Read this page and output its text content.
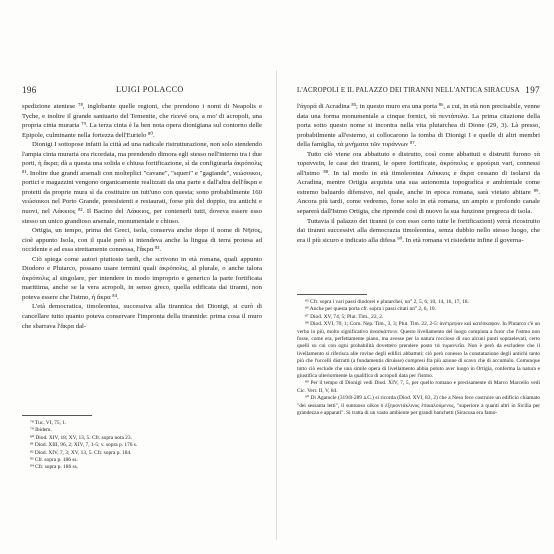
196	LUIGI POLACCO

spedizione ateniese ⁷⁸, inglobante quelle regioni, che prendono i nomi di Neapolis e Tyche, e inoltre il grande santuario del Temenite, che ricevé ora, a mo' di acropoli, una propria cinta muraria ⁷⁹. La terza cinta è la ben nota opera dionigiana sul contorno delle Epipole, culminante nella fortezza dell'Eurielo ⁸⁰.

Dionigi I sottopose infatti la città ad una radicale ristrutturazione, non solo stendendo l'ampia cinta muraria ora ricordata, ma prendendo dimora egli stesso nell'interno tra i due porti, ἡ ἄκρα; dà a questa una solida e chiusa fortificazione, sì da configurarla ἀκρόπολις ⁸¹. Inoltre due grandi arsenali con molteplici "cavane", "squeri" e "gagiande", νεώσοικοι, portici e magazzini vengono organicamente realizzati da una parte e dall'altra dell'ἄκρα e protetti da proprie mura sì da costituire un tutt'uno con questa; sono probabilmente 160 νεώσοικοι nel Porto Grande, preesistenti e restaurati, forse più del doppio, tra antichi e nuovi, nel Λάκκιος ⁸². Il Bacino del Λάκκιος, per contenerli tutti, doveva essere esso stesso un unico grandioso arsenale, monumentale e chiuso.

Ortigia, un tempo, prima dei Greci, isola, conserva anche dopo il nome di Νῆσος, cioè appunto Isola, con il quale però si intendeva anche la lingua di terra protesa ad occidente e ad essa strettamente connessa, l'ἄκρα ⁸³.

Ciò spiega come autori piuttosto tardi, che scrivono in età romana, quali appunto Diodoro e Plutarco, possano usare termini quali ἀκρόπολις, al plurale, o anche talora ἀκρόπολις al singolare, per intendere in modo improprio e generico la parte fortificata marittima, anche se la vera acropoli, in senso greco, quella edificata dai tiranni, non poteva essere che l'istmo, ἡ ἄκρα ⁸⁴.

L'età democratica, timoleontea, successiva alla tirannica dei Dionigi, si curò di cancellare tutto quanto poteva conservare l'impronta della tirannide: prima cosa il muro che sbarrava l'ἄκρα dal-

⁷⁸ Tuc. VI, 75, 1.

⁷⁹ Ibidem.

⁸⁰ Diod. XIV, 18; XV, 13, 5. Cfr. sopra nota 23.

⁸¹ Diod. XIII, 96, 2; XIV, 7, 1-5; v. sopra p. 176 s.

⁸² Diod. XIV, 7, 3; XV, 13, 5. Cfr. sopra p. 184.

⁸³ Cfr. sopra p. 186 ss.

⁸⁴ Cfr. sopra p. 186 ss.

L'ACROPOLI E IL PALAZZO DEI TIRANNI NELL'ANTICA SIRACUSA 197

l'ἀγορά di Acradina ⁸⁵; in questo muro era una porta ⁸⁶, a cui, in età non precisabile, venne data una forma monumentale a cinque fornici, τὰ πεντάπυλα. La prima citazione della porta sotto questo nome si incontra nella vita plutarchea di Dione (29, 3). Là presso, probabilmente all'esterno, si collocarono la tomba di Dionigi I e quelle di altri membri della famiglia, τὰ μνήματα τῶν τυράννων ⁸⁷.

Tutto ciò viene ora abbattuto e distrutto, così come abbattuti e distrutti furono τὰ τυραννεῖα, le case dei tiranni, le opere fortificate, ἀκρόπολις e φρούρια vari, connessi all'istmo ⁸⁸. In tal modo in età timoleontea Λάκκιος e ἄκρα cessano di isolarsi da Acradina, mentre Ortigia acquista una sua autonomia topografica e ambientale come estremo baluardo difensivo, nel quale, anche in epoca romana, sarà vietato abitare ⁸⁹. Ancora più tardi, come vedremo, forse solo in età romana, un ampio e profondo canale separerà dall'Istmo Ortigia, che riprende così di nuovo la sua funzione pregreca di isola.

Tuttavia il palazzo dei tiranni (e con esso certo tutte le fortificazioni) verrà ricostruito dai tiranni successivi alla democrazia timoleontea, senza dubbio nello stesso luogo, che era il più sicuro e indicato alla difesa ⁹⁰. In età romana vi risiedette infine il governa-

⁸⁵ Cfr. sopra i vari passi diodorei e plutarchei, nn° 2, 5, 6, 10, 14, 16, 17, 18.

⁸⁶ Anche per questa porta cfr. sopra i passi citati nn° 2, 6, 10.

⁸⁷ Diod. XV, 74, 5; Plut. Tim., 22, 2.

⁸⁸ Diod. XVI, 70, 1; Corn. Nep. Tim., 3, 3; Plut. Tim. 22, 2-5: ἀνέτρεψαν καὶ κατέσκαψαν. In Plutarco c'è un verbo in più, molto significativo ἀνασκάπτειν. Questo livellamento del luogo compiuta a furor che l'istmo non fosse, come era, perfettamente piano, ma avesse per la natura roccioso di suo alcuni punti sopraelevati, certo quelli su cui con ogni probabilità dovettero prendere posto τὰ τυραννεῖα. Non è però da escludere che il livellamento si riferisca alle rovine degli edifici abbattuti; ciò però conesso la constatazione degli antichi tanto più che l'uccelli distrutti (a fundamentis diruisse) compresi fra più azione di scavo che di accumulo. Comunque tutto ciò esclude che una simile opera di livellamento abbia potuto aver luogo in Ortigia, conferma la natura e giustifica ulteriormente la qualifica di acropoli data per l'istmo.

⁸⁹ Per il tempo di Dionigi vedi Diod. XIV, 7, 5, per quello romano e precisamente di Marco Marcello vedi Cic. Verr. II, V, 84.

⁹⁰ Di Agatocle (319/8-289 a.C.) si ricorda (Diod. XVI, 83, 2) che a Neso fece costruire un edificio chiamato "dei sessanta letti", il suntuoso oikos ὁ ἑξηκοντάκλινος ἐπικαλούμενος, "superiore a quanti altri in Sicilia per grandezza e apparati". Si tratta di un vasto ambiente per grandi banchetti (Siracusa era famo-
